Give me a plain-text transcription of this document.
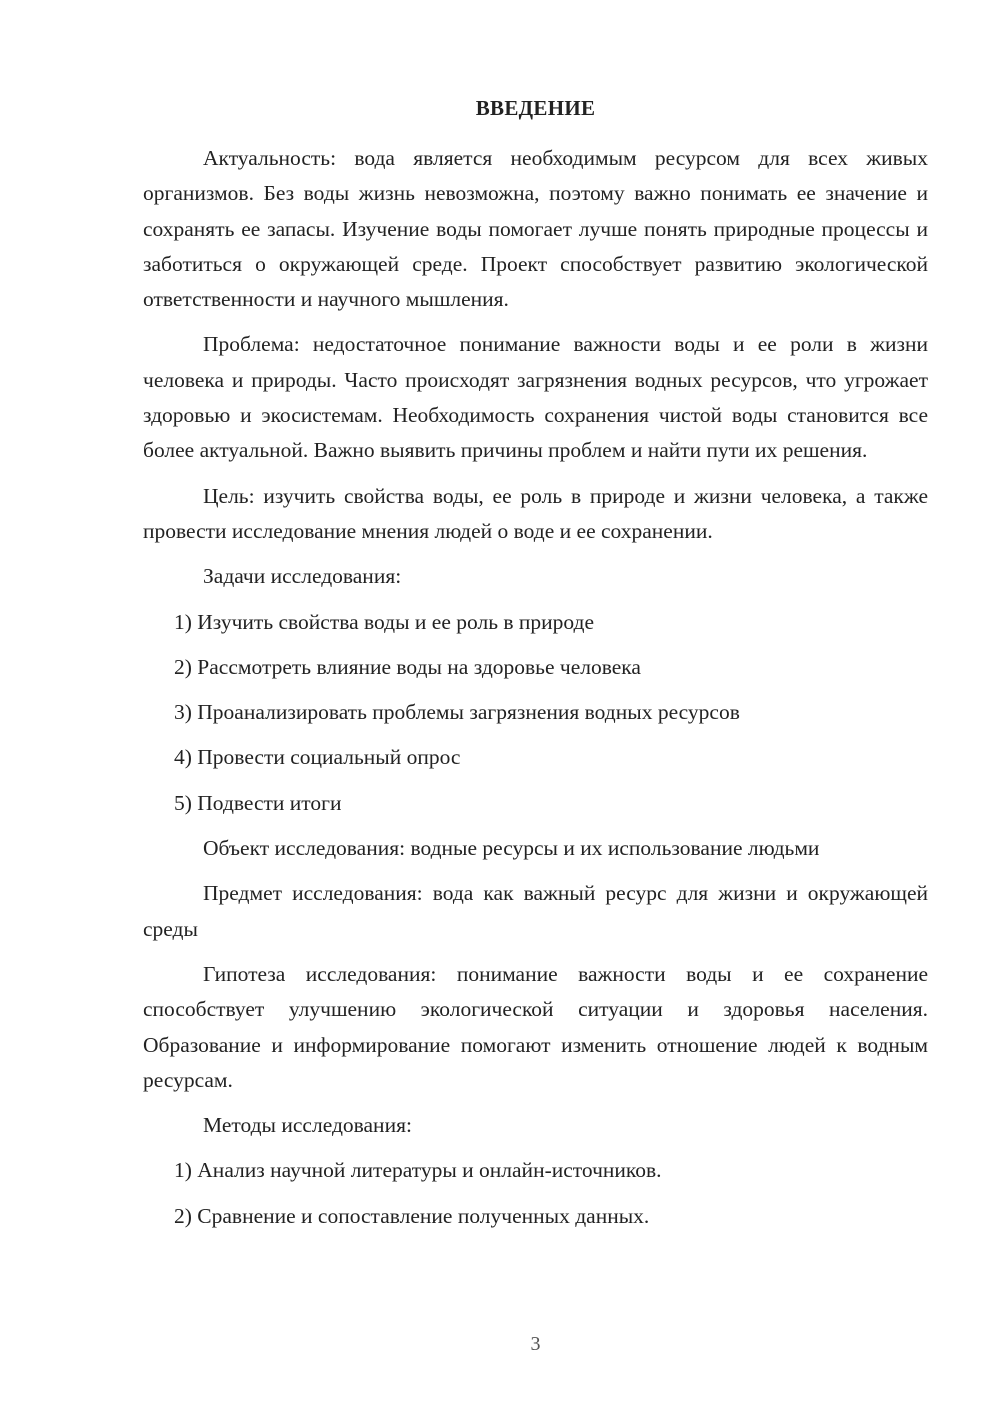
ВВЕДЕНИЕ

Актуальность: вода является необходимым ресурсом для всех живых организмов. Без воды жизнь невозможна, поэтому важно понимать ее значение и сохранять ее запасы. Изучение воды помогает лучше понять природные процессы и заботиться о окружающей среде. Проект способствует развитию экологической ответственности и научного мышления.

Проблема: недостаточное понимание важности воды и ее роли в жизни человека и природы. Часто происходят загрязнения водных ресурсов, что угрожает здоровью и экосистемам. Необходимость сохранения чистой воды становится все более актуальной. Важно выявить причины проблем и найти пути их решения.

Цель: изучить свойства воды, ее роль в природе и жизни человека, а также провести исследование мнения людей о воде и ее сохранении.

Задачи исследования:

1) Изучить свойства воды и ее роль в природе

2) Рассмотреть влияние воды на здоровье человека

3) Проанализировать проблемы загрязнения водных ресурсов

4) Провести социальный опрос

5) Подвести итоги

Объект исследования: водные ресурсы и их использование людьми

Предмет исследования: вода как важный ресурс для жизни и окружающей среды

Гипотеза исследования: понимание важности воды и ее сохранение способствует улучшению экологической ситуации и здоровья населения. Образование и информирование помогают изменить отношение людей к водным ресурсам.

Методы исследования:

1) Анализ научной литературы и онлайн-источников.

2) Сравнение и сопоставление полученных данных.

3
